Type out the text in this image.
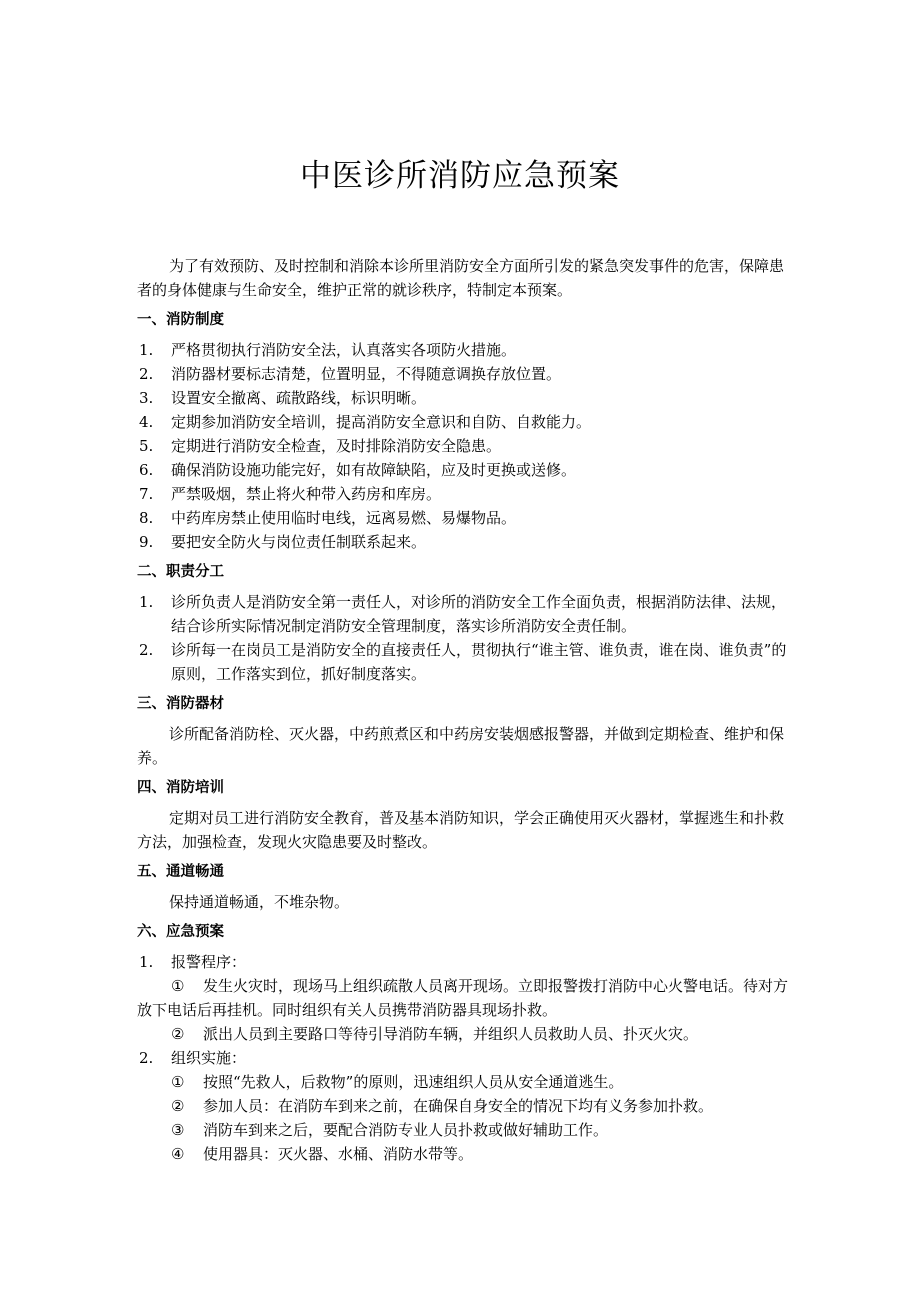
中医诊所消防应急预案

为了有效预防、及时控制和消除本诊所里消防安全方面所引发的紧急突发事件的危害，保障患者的身体健康与生命安全，维护正常的就诊秩序，特制定本预案。

一、消防制度

1. 严格贯彻执行消防安全法，认真落实各项防火措施。
2. 消防器材要标志清楚，位置明显，不得随意调换存放位置。
3. 设置安全撤离、疏散路线，标识明晰。
4. 定期参加消防安全培训，提高消防安全意识和自防、自救能力。
5. 定期进行消防安全检查，及时排除消防安全隐患。
6. 确保消防设施功能完好，如有故障缺陷，应及时更换或送修。
7. 严禁吸烟，禁止将火种带入药房和库房。
8. 中药库房禁止使用临时电线，远离易燃、易爆物品。
9. 要把安全防火与岗位责任制联系起来。

二、职责分工

1. 诊所负责人是消防安全第一责任人，对诊所的消防安全工作全面负责，根据消防法律、法规，结合诊所实际情况制定消防安全管理制度，落实诊所消防安全责任制。
2. 诊所每一在岗员工是消防安全的直接责任人，贯彻执行“谁主管、谁负责，谁在岗、谁负责”的原则，工作落实到位，抓好制度落实。

三、消防器材

诊所配备消防栓、灭火器，中药煎煮区和中药房安装烟感报警器，并做到定期检查、维护和保养。

四、消防培训

定期对员工进行消防安全教育，普及基本消防知识，学会正确使用灭火器材，掌握逃生和扑救方法，加强检查，发现火灾隐患要及时整改。

五、通道畅通

保持通道畅通，不堆杂物。

六、应急预案

1. 报警程序：

① 发生火灾时，现场马上组织疏散人员离开现场。立即报警拨打消防中心火警电话。待对方放下电话后再挂机。同时组织有关人员携带消防器具现场扑救。

② 派出人员到主要路口等待引导消防车辆，并组织人员救助人员、扑灭火灾。

2. 组织实施：

① 按照“先救人，后救物”的原则，迅速组织人员从安全通道逃生。

② 参加人员：在消防车到来之前，在确保自身安全的情况下均有义务参加扑救。

③ 消防车到来之后，要配合消防专业人员扑救或做好辅助工作。

④ 使用器具：灭火器、水桶、消防水带等。
